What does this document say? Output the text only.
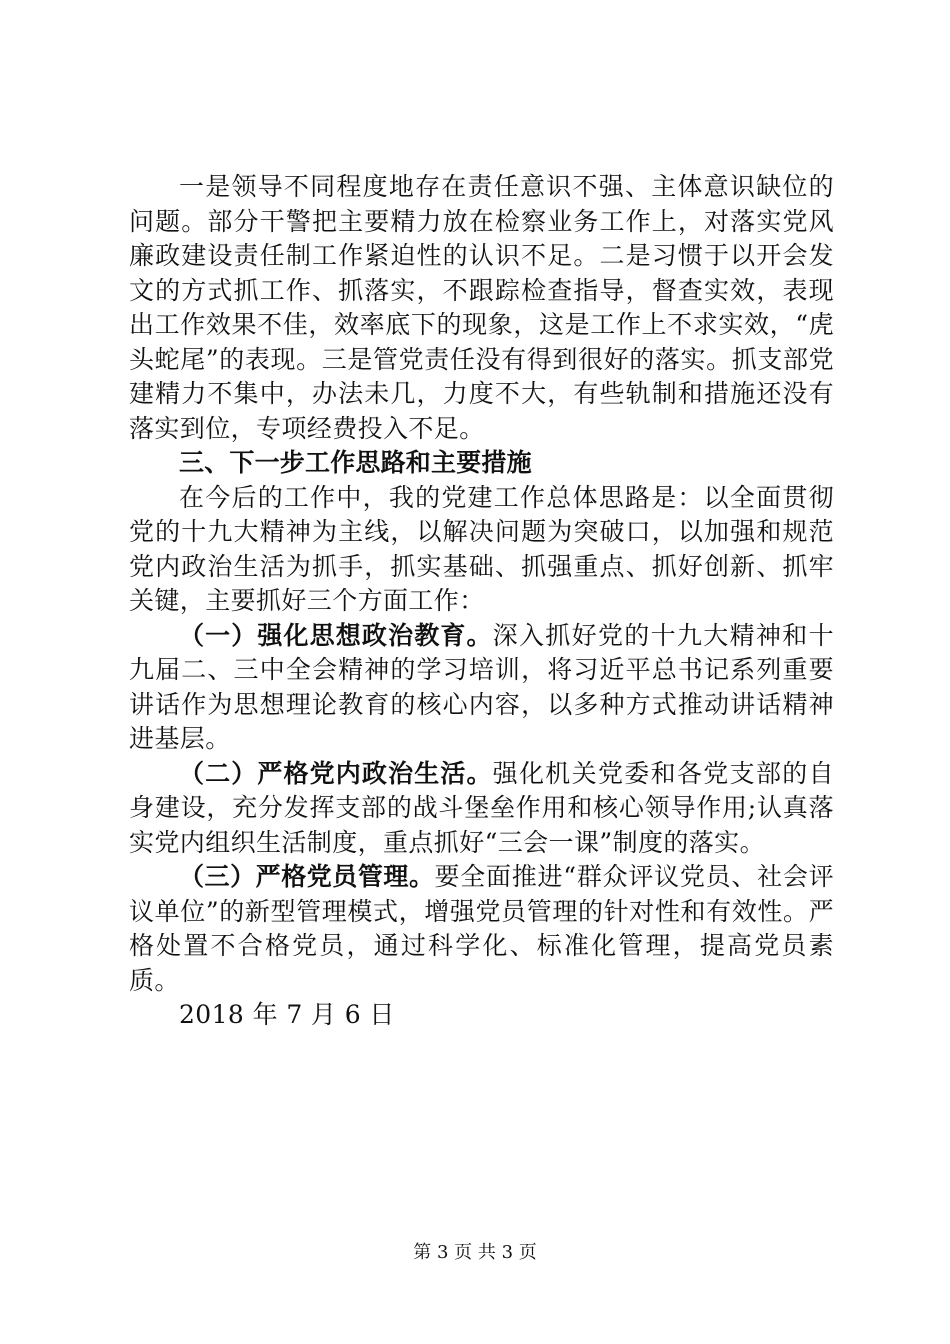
一是领导不同程度地存在责任意识不强、主体意识缺位的问题。部分干警把主要精力放在检察业务工作上，对落实党风廉政建设责任制工作紧迫性的认识不足。二是习惯于以开会发文的方式抓工作、抓落实，不跟踪检查指导，督查实效，表现出工作效果不佳，效率底下的现象，这是工作上不求实效，“虎头蛇尾”的表现。三是管党责任没有得到很好的落实。抓支部党建精力不集中，办法未几，力度不大，有些轨制和措施还没有落实到位，专项经费投入不足。

三、下一步工作思路和主要措施

在今后的工作中，我的党建工作总体思路是：以全面贯彻党的十九大精神为主线，以解决问题为突破口，以加强和规范党内政治生活为抓手，抓实基础、抓强重点、抓好创新、抓牢关键，主要抓好三个方面工作：

（一）强化思想政治教育。深入抓好党的十九大精神和十九届二、三中全会精神的学习培训，将习近平总书记系列重要讲话作为思想理论教育的核心内容，以多种方式推动讲话精神进基层。

（二）严格党内政治生活。强化机关党委和各党支部的自身建设，充分发挥支部的战斗堡垒作用和核心领导作用;认真落实党内组织生活制度，重点抓好“三会一课”制度的落实。

（三）严格党员管理。要全面推进“群众评议党员、社会评议单位”的新型管理模式，增强党员管理的针对性和有效性。严格处置不合格党员，通过科学化、标准化管理，提高党员素质。

2018 年 7 月 6 日

第 3 页 共 3 页
